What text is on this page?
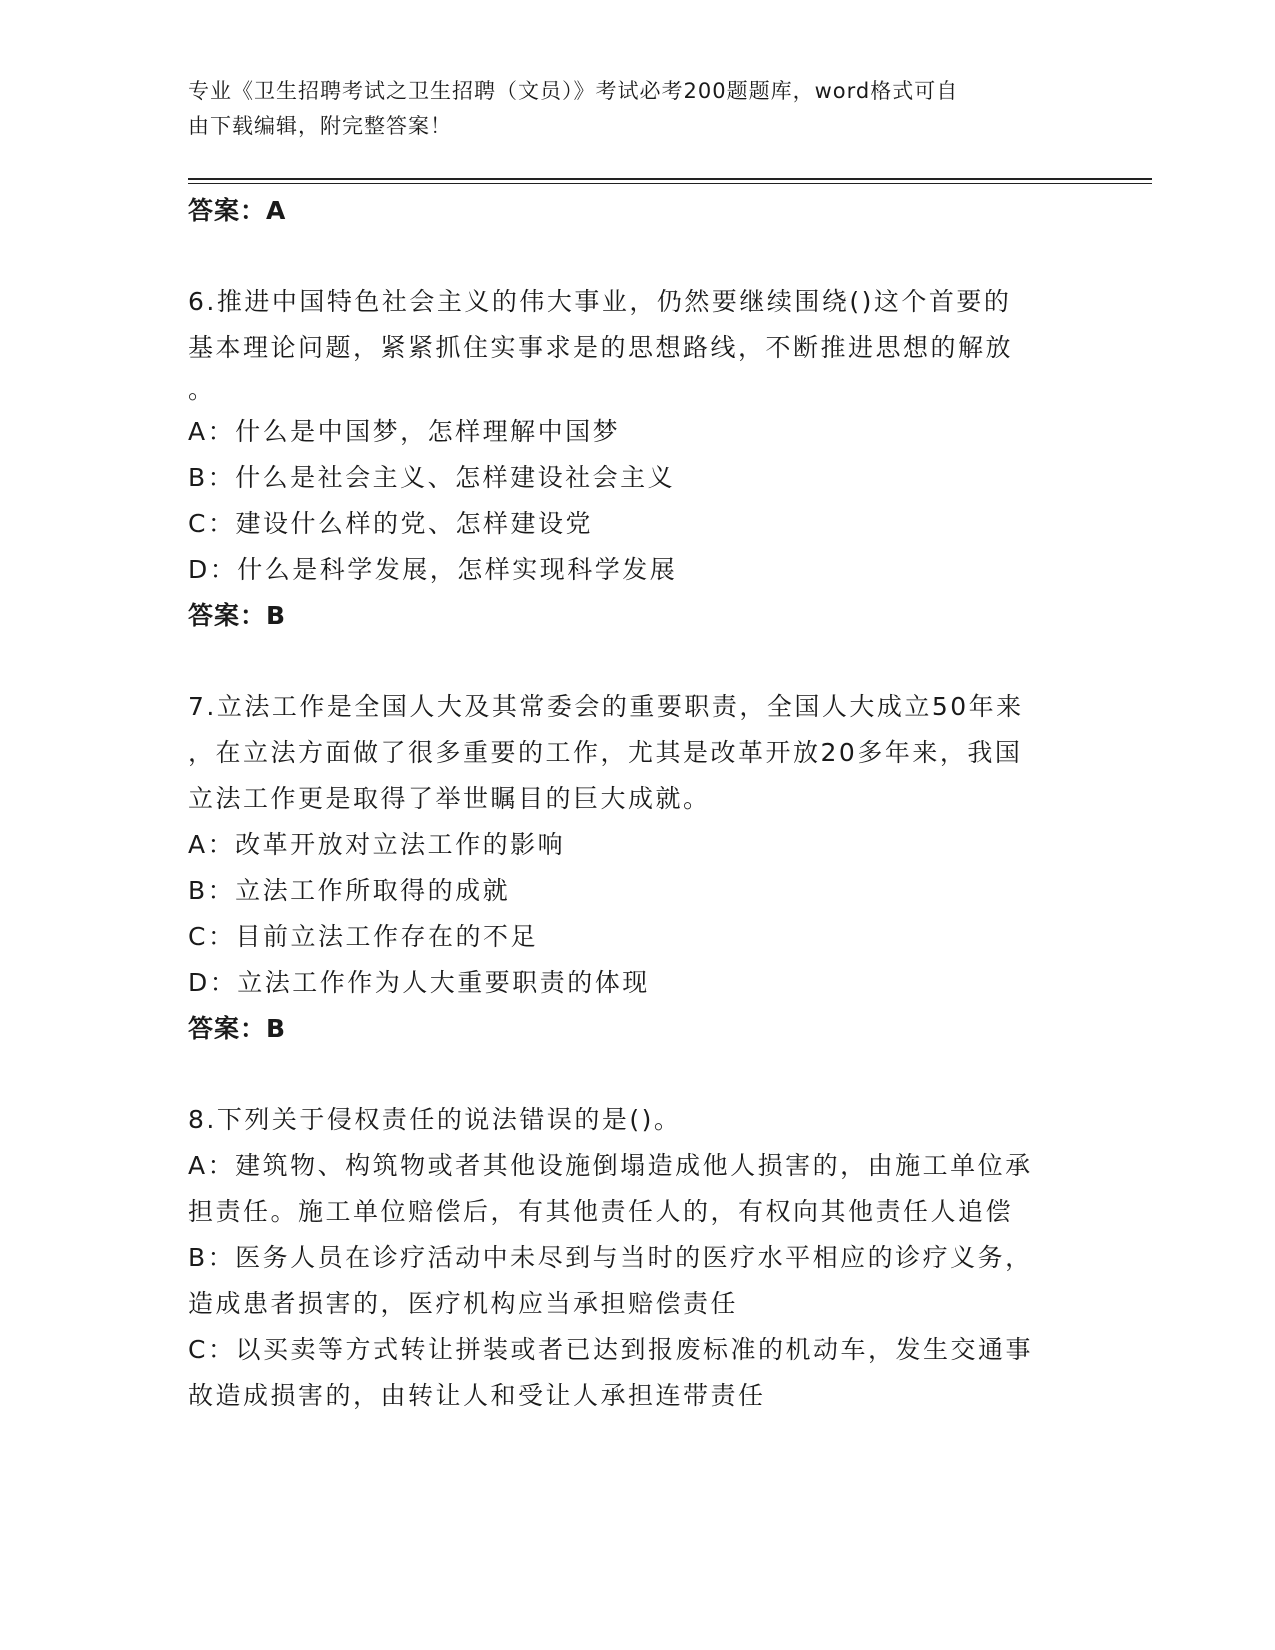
专业《卫生招聘考试之卫生招聘（文员）》考试必考200题题库，word格式可自
由下载编辑，附完整答案！
答案：A
6.推进中国特色社会主义的伟大事业，仍然要继续围绕()这个首要的
基本理论问题，紧紧抓住实事求是的思想路线，不断推进思想的解放
。
A：什么是中国梦，怎样理解中国梦
B：什么是社会主义、怎样建设社会主义
C：建设什么样的党、怎样建设党
D：什么是科学发展，怎样实现科学发展
答案：B
7.立法工作是全国人大及其常委会的重要职责，全国人大成立50年来
，在立法方面做了很多重要的工作，尤其是改革开放20多年来，我国
立法工作更是取得了举世瞩目的巨大成就。
A：改革开放对立法工作的影响
B：立法工作所取得的成就
C：目前立法工作存在的不足
D：立法工作作为人大重要职责的体现
答案：B
8.下列关于侵权责任的说法错误的是()。
A：建筑物、构筑物或者其他设施倒塌造成他人损害的，由施工单位承
担责任。施工单位赔偿后，有其他责任人的，有权向其他责任人追偿
B：医务人员在诊疗活动中未尽到与当时的医疗水平相应的诊疗义务，
造成患者损害的，医疗机构应当承担赔偿责任
C：以买卖等方式转让拼装或者已达到报废标准的机动车，发生交通事
故造成损害的，由转让人和受让人承担连带责任
